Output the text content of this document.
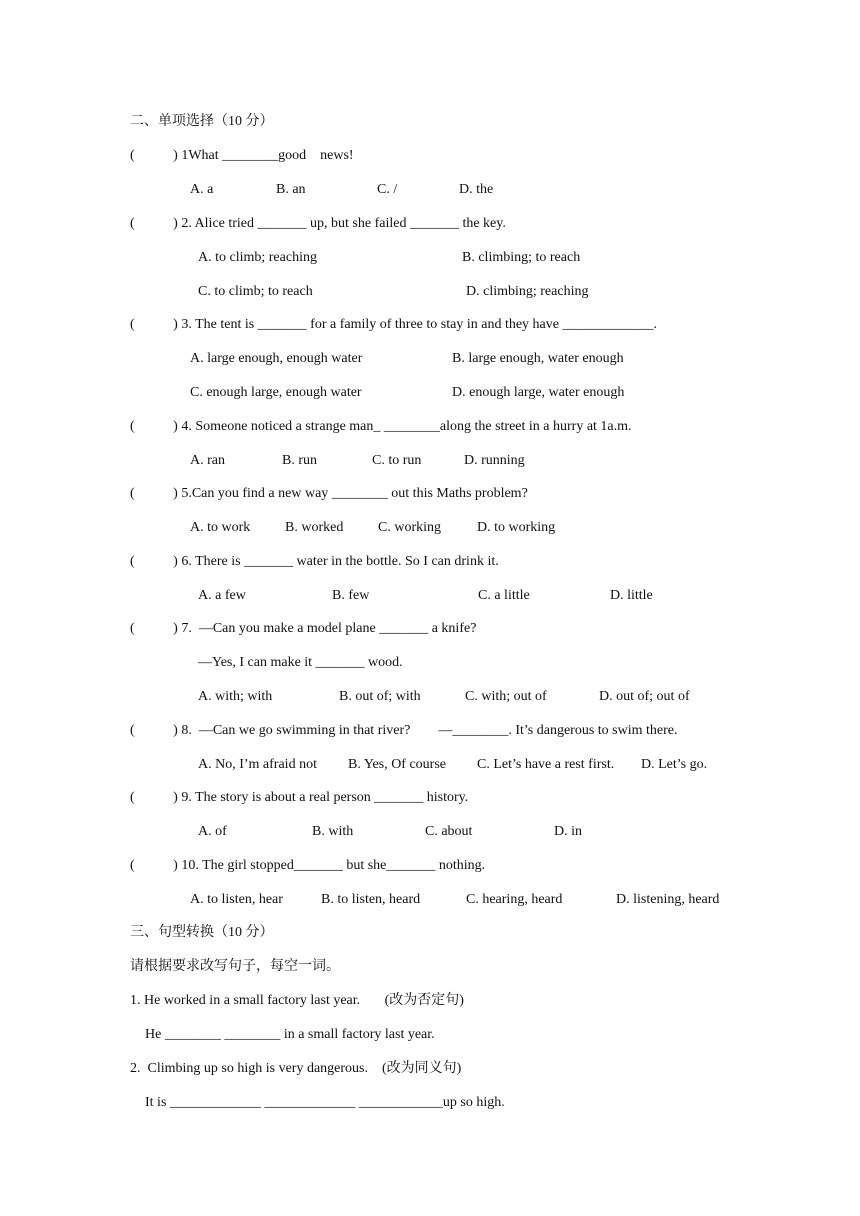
二、单项选择（10 分）
(           ) 1What ________good    news!
A. a	B. an	C. /	D. the
(           ) 2. Alice tried _______ up, but she failed _______ the key.
A. to climb; reaching	B. climbing; to reach
C. to climb; to reach	D. climbing; reaching
(           ) 3. The tent is _______ for a family of three to stay in and they have _____________.
A. large enough, enough water	B. large enough, water enough
C. enough large, enough water	D. enough large, water enough
(           ) 4. Someone noticed a strange man_ ________along the street in a hurry at 1a.m.
A. ran	B. run	C. to run	D. running
(           ) 5.Can you find a new way ________ out this Maths problem?
A. to work B. worked C. working	D. to working
(           ) 6. There is _______ water in the bottle. So I can drink it.
A. a few	B. few	C. a little	D. little
(           ) 7.  —Can you make a model plane _______ a knife?
—Yes, I can make it _______ wood.
A. with; with	B. out of; with	C. with; out of	D. out of; out of
(           ) 8.  —Can we go swimming in that river?        —________. It’s dangerous to swim there.
A. No, I’m afraid not B. Yes, Of course C. Let’s have a rest first. D. Let’s go.
(           ) 9. The story is about a real person _______ history.
A. of	B. with	C. about	D. in
(           ) 10. The girl stopped_______ but she_______ nothing.
A. to listen, hear	B. to listen, heard	C. hearing, heard	D. listening, heard
三、句型转换（10 分）
请根据要求改写句子，每空一词。
1. He worked in a small factory last year.       (改为否定句)
He ________ ________ in a small factory last year.
2.  Climbing up so high is very dangerous.    (改为同义句)
It is _____________ _____________ ____________up so high.
